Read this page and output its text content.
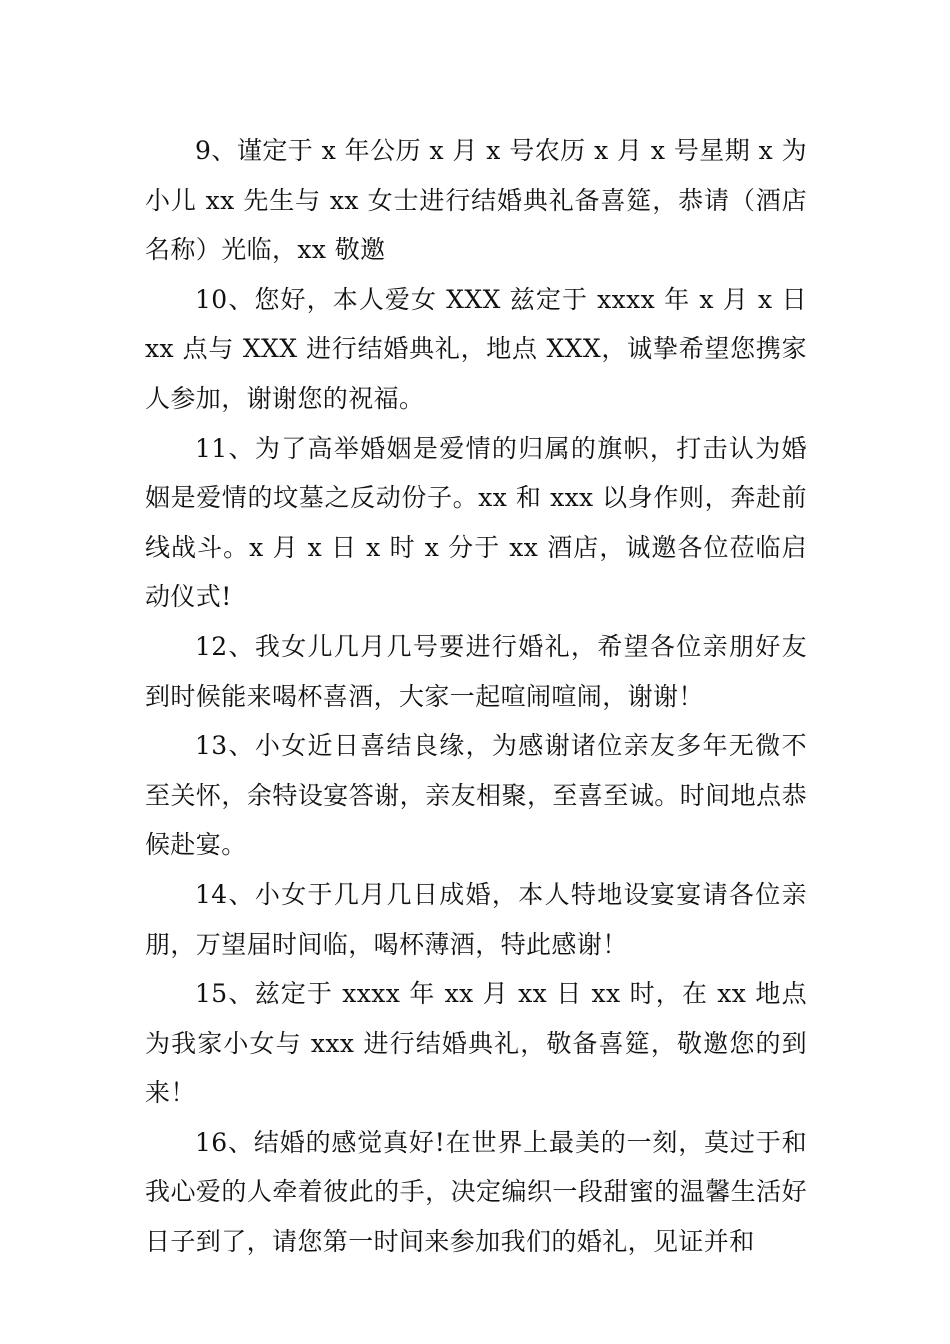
9、谨定于 x 年公历 x 月 x 号农历 x 月 x 号星期 x 为小儿 xx 先生与 xx 女士进行结婚典礼备喜筵，恭请（酒店名称）光临，xx 敬邀

10、您好，本人爱女 XXX 兹定于 xxxx 年 x 月 x 日 xx 点与 XXX 进行结婚典礼，地点 XXX，诚挚希望您携家人参加，谢谢您的祝福。

11、为了高举婚姻是爱情的归属的旗帜，打击认为婚姻是爱情的坟墓之反动份子。xx 和 xxx 以身作则，奔赴前线战斗。x 月 x 日 x 时 x 分于 xx 酒店，诚邀各位莅临启动仪式!

12、我女儿几月几号要进行婚礼，希望各位亲朋好友到时候能来喝杯喜酒，大家一起喧闹喧闹，谢谢！

13、小女近日喜结良缘，为感谢诸位亲友多年无微不至关怀，余特设宴答谢，亲友相聚，至喜至诚。时间地点恭候赴宴。

14、小女于几月几日成婚，本人特地设宴宴请各位亲朋，万望届时间临，喝杯薄酒，特此感谢！

15、兹定于 xxxx 年 xx 月 xx 日 xx 时，在 xx 地点为我家小女与 xxx 进行结婚典礼，敬备喜筵，敬邀您的到来！

16、结婚的感觉真好!在世界上最美的一刻，莫过于和我心爱的人牵着彼此的手，决定编织一段甜蜜的温馨生活好日子到了，请您第一时间来参加我们的婚礼，见证并和
